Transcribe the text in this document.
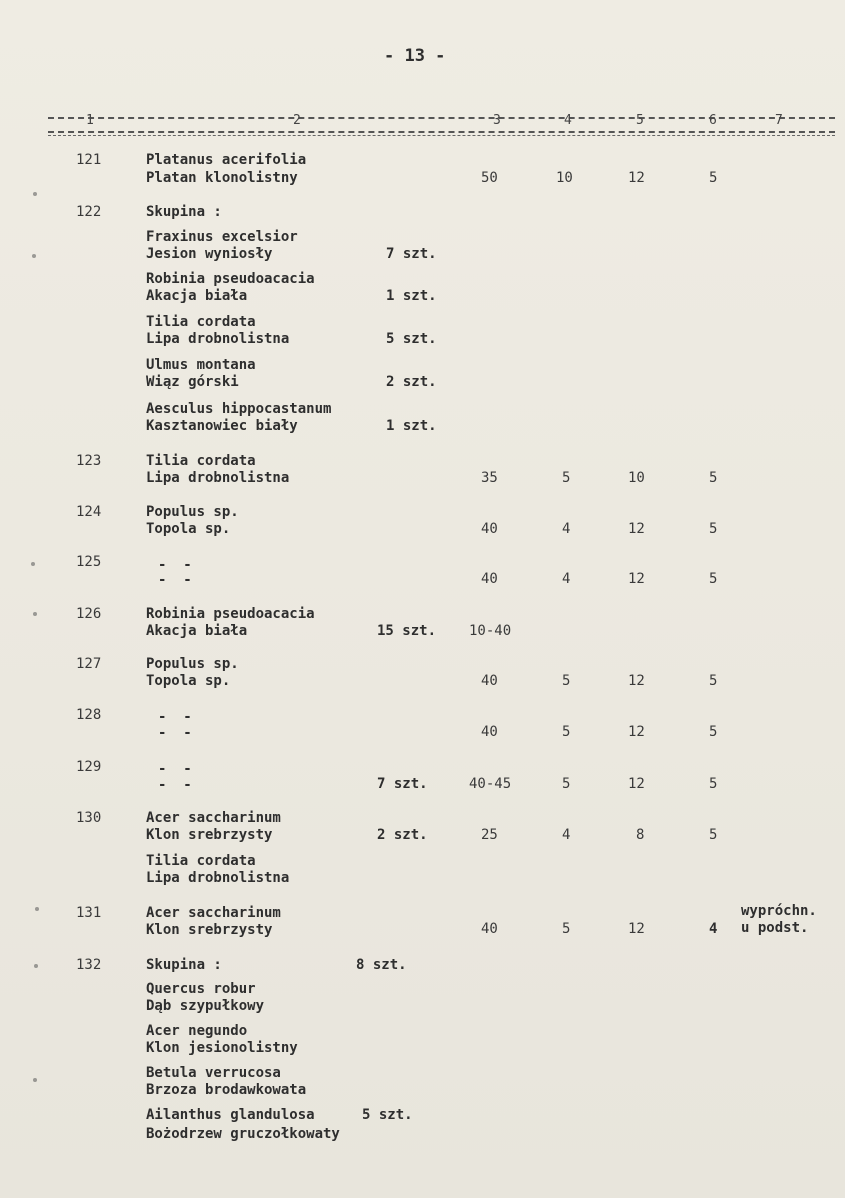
- 13 -
1	2	3	4	5	6	7
121	Platanus acerifolia
Platan klonolistny	50	10	12	5
122	Skupina :
Fraxinus excelsior
Jesion wyniosły	7 szt.
Robinia pseudoacacia
Akacja biała	1 szt.
Tilia cordata
Lipa drobnolistna	5 szt.
Ulmus montana
Wiąz górski	2 szt.
Aesculus hippocastanum
Kasztanowiec biały	1 szt.
123	Tilia cordata
Lipa drobnolistna	35	5	10	5
124	Populus sp.
Topola sp.	40	4	12	5
125	-  -
-  -	40	4	12	5
126	Robinia pseudoacacia
Akacja biała	15 szt. 10-40
127	Populus sp.
Topola sp.	40	5	12	5
128	-  -
-  -	40	5	12	5
129	-  -
-  -	7 szt.	40-45	5	12	5
130	Acer saccharinum
Klon srebrzysty	2 szt.	25	4	8	5
Tilia cordata
Lipa drobnolistna
131	Acer saccharinum
Klon srebrzysty	40	5	12	4
wypróchn.
u podst.
132	Skupina :	8 szt.
Quercus robur
Dąb szypułkowy
Acer negundo
Klon jesionolistny
Betula verrucosa
Brzoza brodawkowata
Ailanthus glandulosa	5 szt.
Bożodrzew gruczołkowaty
